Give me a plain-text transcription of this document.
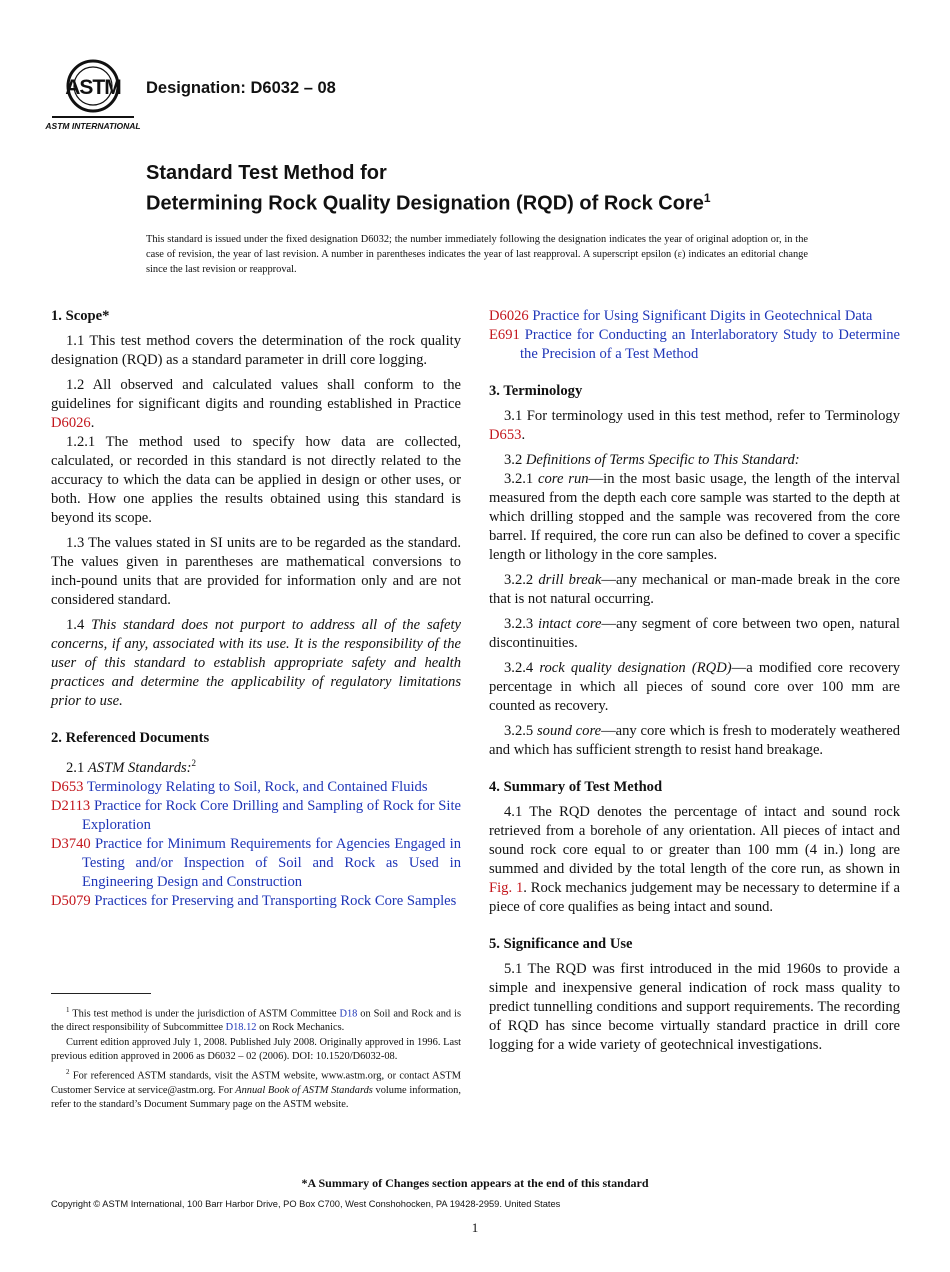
ASTM
ASTM INTERNATIONAL
Designation: D6032 – 08
Standard Test Method for
Determining Rock Quality Designation (RQD) of Rock Core$^1$
This standard is issued under the fixed designation D6032; the number immediately following the designation indicates the year of original adoption or, in the case of revision, the year of last revision. A number in parentheses indicates the year of last reapproval. A superscript epsilon (ε) indicates an editorial change since the last revision or reapproval.
1. Scope*

1.1 This test method covers the determination of the rock quality designation (RQD) as a standard parameter in drill core logging.

1.2 All observed and calculated values shall conform to the guidelines for significant digits and rounding established in Practice D6026.

1.2.1 The method used to specify how data are collected, calculated, or recorded in this standard is not directly related to the accuracy to which the data can be applied in design or other uses, or both. How one applies the results obtained using this standard is beyond its scope.

1.3 The values stated in SI units are to be regarded as the standard. The values given in parentheses are mathematical conversions to inch-pound units that are provided for information only and are not considered standard.

1.4 This standard does not purport to address all of the safety concerns, if any, associated with its use. It is the responsibility of the user of this standard to establish appropriate safety and health practices and determine the applicability of regulatory limitations prior to use.

2. Referenced Documents

2.1 ASTM Standards:$^2$

D653 Terminology Relating to Soil, Rock, and Contained Fluids
D2113 Practice for Rock Core Drilling and Sampling of Rock for Site Exploration
D3740 Practice for Minimum Requirements for Agencies Engaged in Testing and/or Inspection of Soil and Rock as Used in Engineering Design and Construction
D5079 Practices for Preserving and Transporting Rock Core Samples

$^1$ This test method is under the jurisdiction of ASTM Committee D18 on Soil and Rock and is the direct responsibility of Subcommittee D18.12 on Rock Mechanics.

Current edition approved July 1, 2008. Published July 2008. Originally approved in 1996. Last previous edition approved in 2006 as D6032 – 02 (2006). DOI: 10.1520/D6032-08.

$^2$ For referenced ASTM standards, visit the ASTM website, www.astm.org, or contact ASTM Customer Service at service@astm.org. For Annual Book of ASTM Standards volume information, refer to the standard’s Document Summary page on the ASTM website.

D6026 Practice for Using Significant Digits in Geotechnical Data
E691 Practice for Conducting an Interlaboratory Study to Determine the Precision of a Test Method
3. Terminology

3.1 For terminology used in this test method, refer to Terminology D653.

3.2 Definitions of Terms Specific to This Standard:

3.2.1 core run—in the most basic usage, the length of the interval measured from the depth each core sample was started to the depth at which drilling stopped and the sample was recovered from the core barrel. If required, the core run can also be defined to cover a specific length or lithology in the core samples.

3.2.2 drill break—any mechanical or man-made break in the core that is not natural occurring.

3.2.3 intact core—any segment of core between two open, natural discontinuities.

3.2.4 rock quality designation (RQD)—a modified core recovery percentage in which all pieces of sound core over 100 mm are counted as recovery.

3.2.5 sound core—any core which is fresh to moderately weathered and which has sufficient strength to resist hand breakage.

4. Summary of Test Method

4.1 The RQD denotes the percentage of intact and sound rock retrieved from a borehole of any orientation. All pieces of intact and sound rock core equal to or greater than 100 mm (4 in.) long are summed and divided by the total length of the core run, as shown in Fig. 1. Rock mechanics judgement may be necessary to determine if a piece of core qualifies as being intact and sound.

5. Significance and Use

5.1 The RQD was first introduced in the mid 1960s to provide a simple and inexpensive general indication of rock mass quality to predict tunnelling conditions and support requirements. The recording of RQD has since become virtually standard practice in drill core logging for a wide variety of geotechnical investigations.

*A Summary of Changes section appears at the end of this standard
Copyright © ASTM International, 100 Barr Harbor Drive, PO Box C700, West Conshohocken, PA 19428-2959. United States
1
